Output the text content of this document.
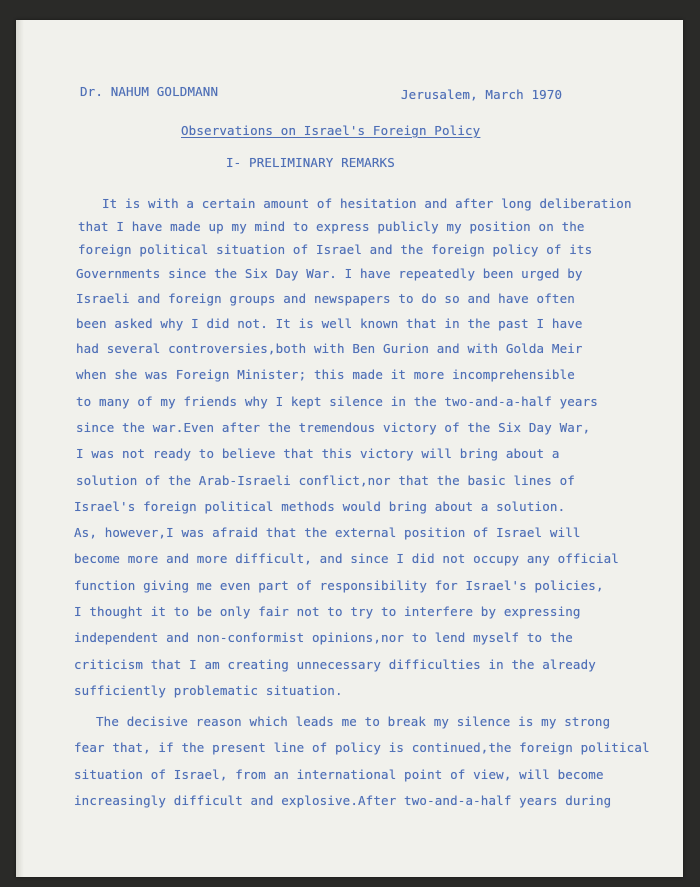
Dr. NAHUM GOLDMANN	Jerusalem, March 1970
Observations on Israel's Foreign Policy
I- PRELIMINARY REMARKS
It is with a certain amount of hesitation and after long deliberation
that I have made up my mind to express publicly my position on the
foreign political situation of Israel and the foreign policy of its
Governments since the Six Day War. I have repeatedly been urged by
Israeli and foreign groups and newspapers to do so and have often
been asked why I did not. It is well known that in the past I have
had several controversies,both with Ben Gurion and with Golda Meir
when she was Foreign Minister; this made it more incomprehensible
to many of my friends why I kept silence in the two-and-a-half years
since the war.Even after the tremendous victory of the Six Day War,
I was not ready to believe that this victory will bring about a
solution of the Arab-Israeli conflict,nor that the basic lines of
Israel's foreign political methods would bring about a solution.
As, however,I was afraid that the external position of Israel will
become more and more difficult, and since I did not occupy any official
function giving me even part of responsibility for Israel's policies,
I thought it to be only fair not to try to interfere by expressing
independent and non-conformist opinions,nor to lend myself to the
criticism that I am creating unnecessary difficulties in the already
sufficiently problematic situation.
The decisive reason which leads me to break my silence is my strong
fear that, if the present line of policy is continued,the foreign political
situation of Israel, from an international point of view, will become
increasingly difficult and explosive.After two-and-a-half years during
